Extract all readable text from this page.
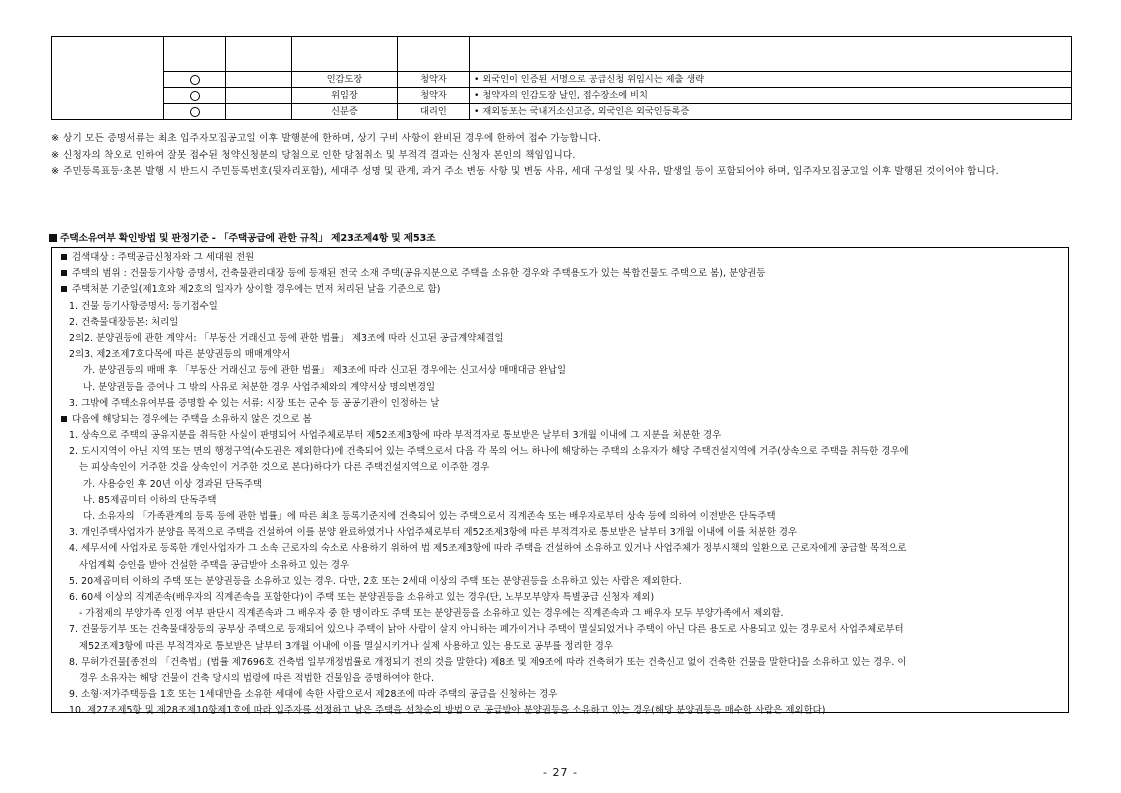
			인감도장	청약자	• 외국인이 인증된 서명으로 공급신청 위임시는 제출 생략
			위임장	청약자	• 청약자의 인감도장 날인, 접수장소에 비치
			신분증	대리인	• 재외동포는 국내거소신고증, 외국인은 외국인등록증
※ 상기 모든 증명서류는 최초 입주자모집공고일 이후 발행분에 한하며, 상기 구비 사항이 완비된 경우에 한하여 접수 가능합니다.
※ 신청자의 착오로 인하여 잘못 접수된 청약신청분의 당첨으로 인한 당첨취소 및 부적격 결과는 신청자 본인의 책임입니다.
※ 주민등록표등·초본 발행 시 반드시 주민등록번호(뒷자리포함), 세대주 성명 및 관계, 과거 주소 변동 사항 및 변동 사유, 세대 구성일 및 사유, 발생일 등이 포함되어야 하며, 입주자모집공고일 이후 발행된 것이어야 합니다.
주택소유여부 확인방법 및 판정기준 - 「주택공급에 관한 규칙」 제23조제4항 및 제53조
검색대상 : 주택공급신청자와 그 세대원 전원
주택의 범위 : 건물등기사항 증명서, 건축물관리대장 등에 등재된 전국 소재 주택(공유지분으로 주택을 소유한 경우와 주택용도가 있는 복합건물도 주택으로 봄), 분양권등
주택처분 기준일(제1호와 제2호의 일자가 상이할 경우에는 먼저 처리된 날을 기준으로 함)
1. 건물 등기사항증명서: 등기접수일
2. 건축물대장등본: 처리일
2의2. 분양권등에 관한 계약서: 「부동산 거래신고 등에 관한 법률」 제3조에 따라 신고된 공급계약체결일
2의3. 제2조제7호다목에 따른 분양권등의 매매계약서
가. 분양권등의 매매 후 「부동산 거래신고 등에 관한 법률」 제3조에 따라 신고된 경우에는 신고서상 매매대금 완납일
나. 분양권등을 증여나 그 밖의 사유로 처분한 경우 사업주체와의 계약서상 명의변경일
3. 그밖에 주택소유여부를 증명할 수 있는 서류: 시장 또는 군수 등 공공기관이 인정하는 날
다음에 해당되는 경우에는 주택을 소유하지 않은 것으로 봄
1. 상속으로 주택의 공유지분을 취득한 사실이 판명되어 사업주체로부터 제52조제3항에 따라 부적격자로 통보받은 날부터 3개월 이내에 그 지분을 처분한 경우
2. 도시지역이 아닌 지역 또는 면의 행정구역(수도권은 제외한다)에 건축되어 있는 주택으로서 다음 각 목의 어느 하나에 해당하는 주택의 소유자가 해당 주택건설지역에 거주(상속으로 주택을 취득한 경우에
는 피상속인이 거주한 것을 상속인이 거주한 것으로 본다)하다가 다른 주택건설지역으로 이주한 경우
가. 사용승인 후 20년 이상 경과된 단독주택
나. 85제곱미터 이하의 단독주택
다. 소유자의 「가족관계의 등록 등에 관한 법률」에 따른 최초 등록기준지에 건축되어 있는 주택으로서 직계존속 또는 배우자로부터 상속 등에 의하여 이전받은 단독주택
3. 개인주택사업자가 분양을 목적으로 주택을 건설하여 이를 분양 완료하였거나 사업주체로부터 제52조제3항에 따른 부적격자로 통보받은 날부터 3개월 이내에 이를 처분한 경우
4. 세무서에 사업자로 등록한 개인사업자가 그 소속 근로자의 숙소로 사용하기 위하여 법 제5조제3항에 따라 주택을 건설하여 소유하고 있거나 사업주체가 정부시책의 일환으로 근로자에게 공급할 목적으로
사업계획 승인을 받아 건설한 주택을 공급받아 소유하고 있는 경우
5. 20제곱미터 이하의 주택 또는 분양권등을 소유하고 있는 경우. 다만, 2호 또는 2세대 이상의 주택 또는 분양권등을 소유하고 있는 사람은 제외한다.
6. 60세 이상의 직계존속(배우자의 직계존속을 포함한다)이 주택 또는 분양권등을 소유하고 있는 경우(단, 노부모부양자 특별공급 신청자 제외)
- 가점제의 부양가족 인정 여부 판단시 직계존속과 그 배우자 중 한 명이라도 주택 또는 분양권등을 소유하고 있는 경우에는 직계존속과 그 배우자 모두 부양가족에서 제외함.
7. 건물등기부 또는 건축물대장등의 공부상 주택으로 등재되어 있으나 주택이 낡아 사람이 살지 아니하는 폐가이거나 주택이 멸실되었거나 주택이 아닌 다른 용도로 사용되고 있는 경우로서 사업주체로부터
제52조제3항에 따른 부적격자로 통보받은 날부터 3개월 이내에 이를 멸실시키거나 실제 사용하고 있는 용도로 공부를 정리한 경우
8. 무허가건물[종전의 「건축법」(법률 제7696호 건축법 일부개정법률로 개정되기 전의 것을 말한다) 제8조 및 제9조에 따라 건축허가 또는 건축신고 없이 건축한 건물을 말한다]을 소유하고 있는 경우. 이
경우 소유자는 해당 건물이 건축 당시의 법령에 따른 적법한 건물임을 증명하여야 한다.
9. 소형·저가주택등을 1호 또는 1세대만을 소유한 세대에 속한 사람으로서 제28조에 따라 주택의 공급을 신청하는 경우
10. 제27조제5항 및 제28조제10항제1호에 따라 입주자를 선정하고 남은 주택을 선착순의 방법으로 공급받아 분양권등을 소유하고 있는 경우(해당 분양권등을 매수한 사람은 제외한다)
- 27 -
